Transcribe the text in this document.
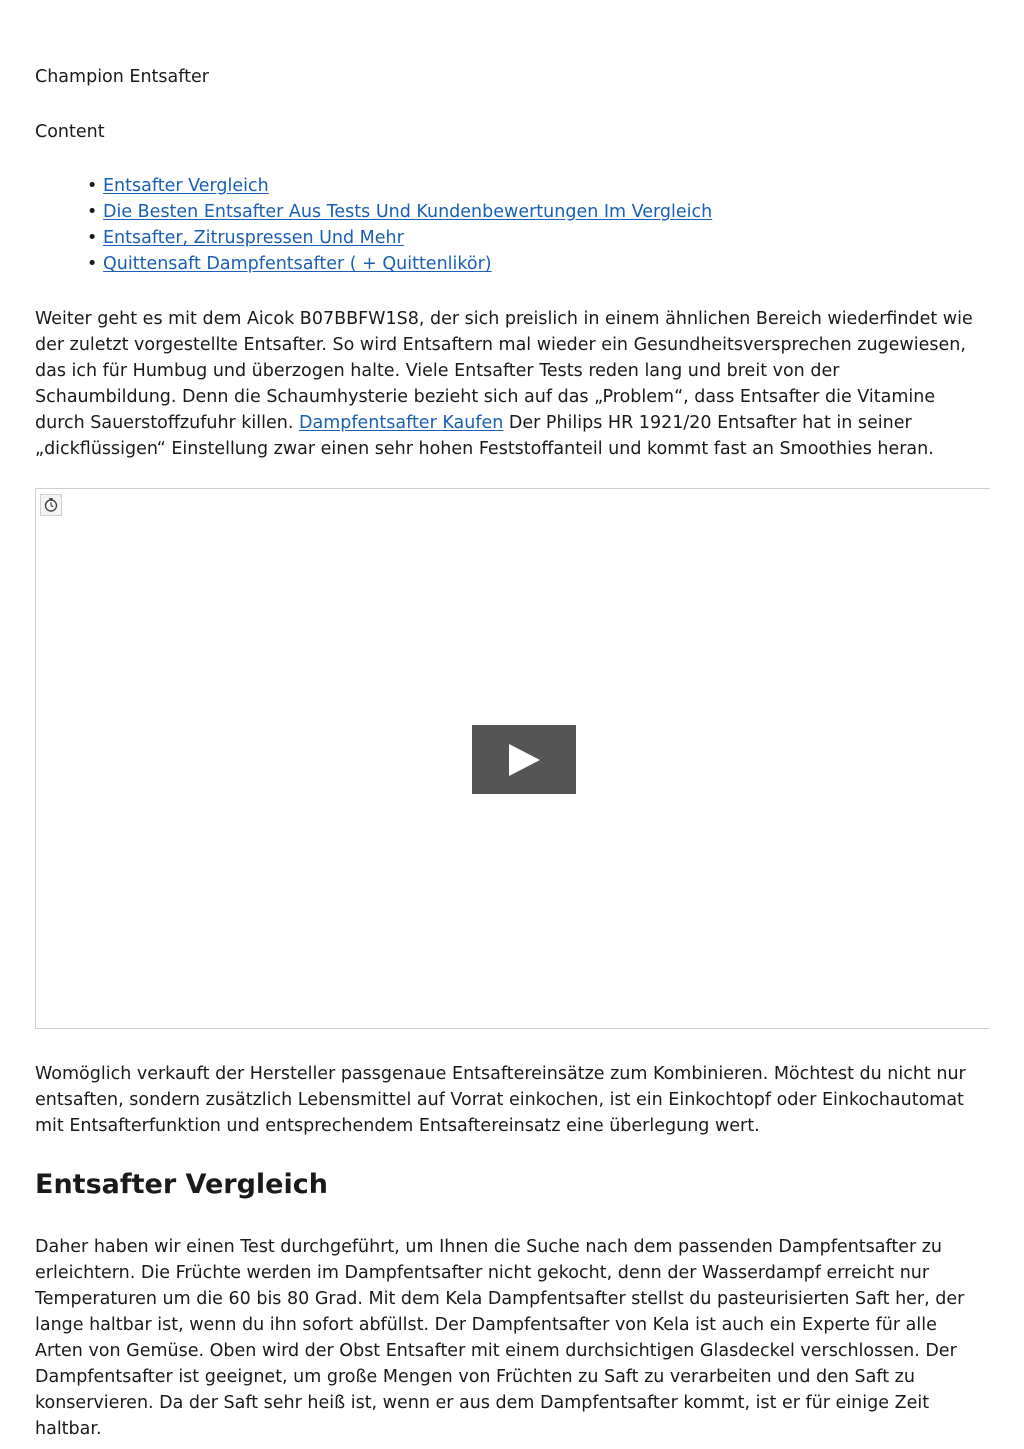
Champion Entsafter
Content
• Entsafter Vergleich
• Die Besten Entsafter Aus Tests Und Kundenbewertungen Im Vergleich
• Entsafter, Zitruspressen Und Mehr
• Quittensaft Dampfentsafter ( + Quittenlikör)

Weiter geht es mit dem Aicok B07BBFW1S8, der sich preislich in einem ähnlichen Bereich wiederfindet wie der zuletzt vorgestellte Entsafter. So wird Entsaftern mal wieder ein Gesundheitsversprechen zugewiesen, das ich für Humbug und überzogen halte. Viele Entsafter Tests reden lang und breit von der Schaumbildung. Denn die Schaumhysterie bezieht sich auf das „Problem“, dass Entsafter die Vitamine durch Sauerstoffzufuhr killen. Dampfentsafter Kaufen Der Philips HR 1921/20 Entsafter hat in seiner „dickflüssigen“ Einstellung zwar einen sehr hohen Feststoffanteil und kommt fast an Smoothies heran.

Womöglich verkauft der Hersteller passgenaue Entsaftereinsätze zum Kombinieren. Möchtest du nicht nur entsaften, sondern zusätzlich Lebensmittel auf Vorrat einkochen, ist ein Einkochtopf oder Einkochautomat mit Entsafterfunktion und entsprechendem Entsaftereinsatz eine überlegung wert.

Entsafter Vergleich

Daher haben wir einen Test durchgeführt, um Ihnen die Suche nach dem passenden Dampfentsafter zu erleichtern. Die Früchte werden im Dampfentsafter nicht gekocht, denn der Wasserdampf erreicht nur Temperaturen um die 60 bis 80 Grad. Mit dem Kela Dampfentsafter stellst du pasteurisierten Saft her, der lange haltbar ist, wenn du ihn sofort abfüllst. Der Dampfentsafter von Kela ist auch ein Experte für alle Arten von Gemüse. Oben wird der Obst Entsafter mit einem durchsichtigen Glasdeckel verschlossen. Der Dampfentsafter ist geeignet, um große Mengen von Früchten zu Saft zu verarbeiten und den Saft zu konservieren. Da der Saft sehr heiß ist, wenn er aus dem Dampfentsafter kommt, ist er für einige Zeit haltbar.
